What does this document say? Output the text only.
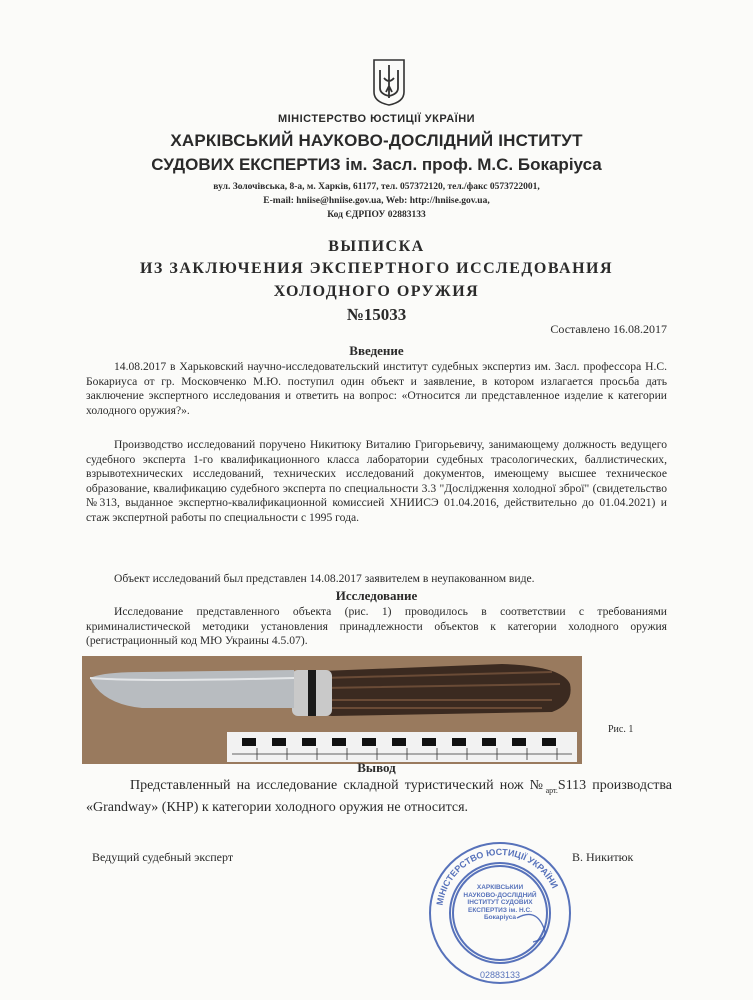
МІНІСТЕРСТВО ЮСТИЦІЇ УКРАЇНИ
ХАРКІВСЬКИЙ НАУКОВО-ДОСЛІДНИЙ ІНСТИТУТ
СУДОВИХ ЕКСПЕРТИЗ ім. Засл. проф. М.С. Бокаріуса
вул. Золочівська, 8-а, м. Харків, 61177, тел. 057372120, тел./факс 0573722001,
E-mail: hniise@hniise.gov.ua, Web: http://hniise.gov.ua,
Код ЄДРПОУ 02883133
ВЫПИСКА
ИЗ ЗАКЛЮЧЕНИЯ ЭКСПЕРТНОГО ИССЛЕДОВАНИЯ
ХОЛОДНОГО ОРУЖИЯ
№15033
Составлено 16.08.2017
Введение
14.08.2017 в Харьковский научно-исследовательский институт судебных экспертиз им. Засл. профессора Н.С. Бокариуса от гр. Московченко М.Ю. поступил один объект и заявление, в котором излагается просьба дать заключение экспертного исследования и ответить на вопрос: «Относится ли представленное изделие к категории холодного оружия?».
Производство исследований поручено Никитюку Виталию Григорьевичу, занимающему должность ведущего судебного эксперта 1-го квалификационного класса лаборатории судебных трасологических, баллистических, взрывотехнических исследований, технических исследований документов, имеющему высшее техническое образование, квалификацию судебного эксперта по специальности 3.3 "Дослідження холодної зброї" (свидетельство №313, выданное экспертно-квалификационной комиссией ХНИИСЭ 01.04.2016, действительно до 01.04.2021) и стаж экспертной работы по специальности с 1995 года.
Объект исследований был представлен 14.08.2017 заявителем в неупакованном виде.
Исследование
Исследование представленного объекта (рис. 1) проводилось в соответствии с требованиями криминалистической методики установления принадлежности объектов к категории холодного оружия (регистрационный код МЮ Украины 4.5.07).
Рис. 1
Вывод
Представленный на исследование складной туристический нож $№_{арт.}S113$ производства «Grandway» (КНР) к категории холодного оружия не относится.
Ведущий судебный эксперт	В. Никитюк
МІНІСТЕРСТВО ЮСТИЦІЇ УКРАЇНИ
02883133
ХАРКІВСЬКИЙ НАУКОВО-ДОСЛІДНИЙ ІНСТИТУТ СУДОВИХ ЕКСПЕРТИЗ ім. Н.С. Бокаріуса
